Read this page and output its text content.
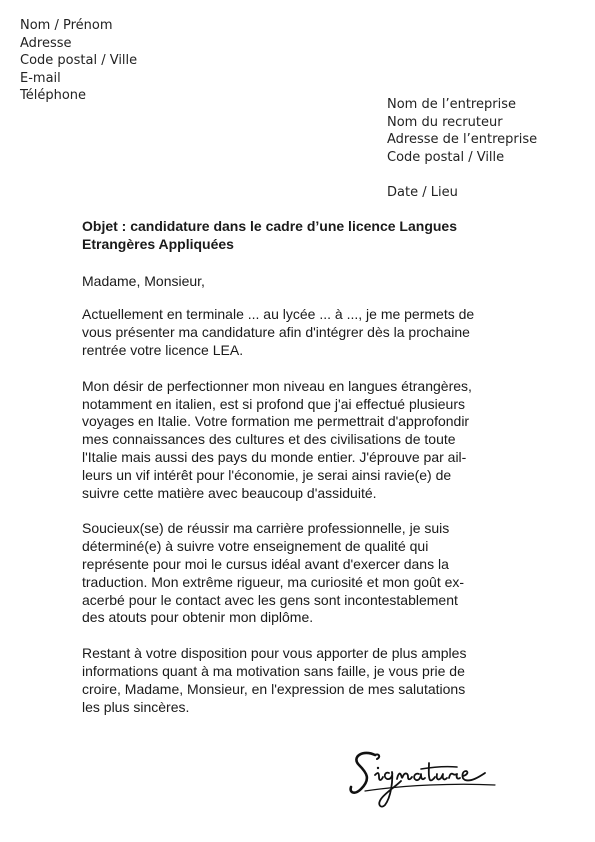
Nom / Prénom
Adresse
Code postal / Ville
E-mail
Téléphone
Nom de l’entreprise
Nom du recruteur
Adresse de l’entreprise
Code postal / Ville
Date / Lieu
Objet : candidature dans le cadre d’une licence Langues
Etrangères Appliquées
Madame, Monsieur,
Actuellement en terminale ... au lycée ... à ..., je me permets de
vous présenter ma candidature afin d'intégrer dès la prochaine
rentrée votre licence LEA.
Mon désir de perfectionner mon niveau en langues étrangères,
notamment en italien, est si profond que j'ai effectué plusieurs
voyages en Italie. Votre formation me permettrait d'approfondir
mes connaissances des cultures et des civilisations de toute
l'Italie mais aussi des pays du monde entier. J'éprouve par ail-
leurs un vif intérêt pour l'économie, je serai ainsi ravie(e) de
suivre cette matière avec beaucoup d'assiduité.
Soucieux(se) de réussir ma carrière professionnelle, je suis
déterminé(e) à suivre votre enseignement de qualité qui
représente pour moi le cursus idéal avant d'exercer dans la
traduction. Mon extrême rigueur, ma curiosité et mon goût ex-
acerbé pour le contact avec les gens sont incontestablement
des atouts pour obtenir mon diplôme.
Restant à votre disposition pour vous apporter de plus amples
informations quant à ma motivation sans faille, je vous prie de
croire, Madame, Monsieur, en l'expression de mes salutations
les plus sincères.
